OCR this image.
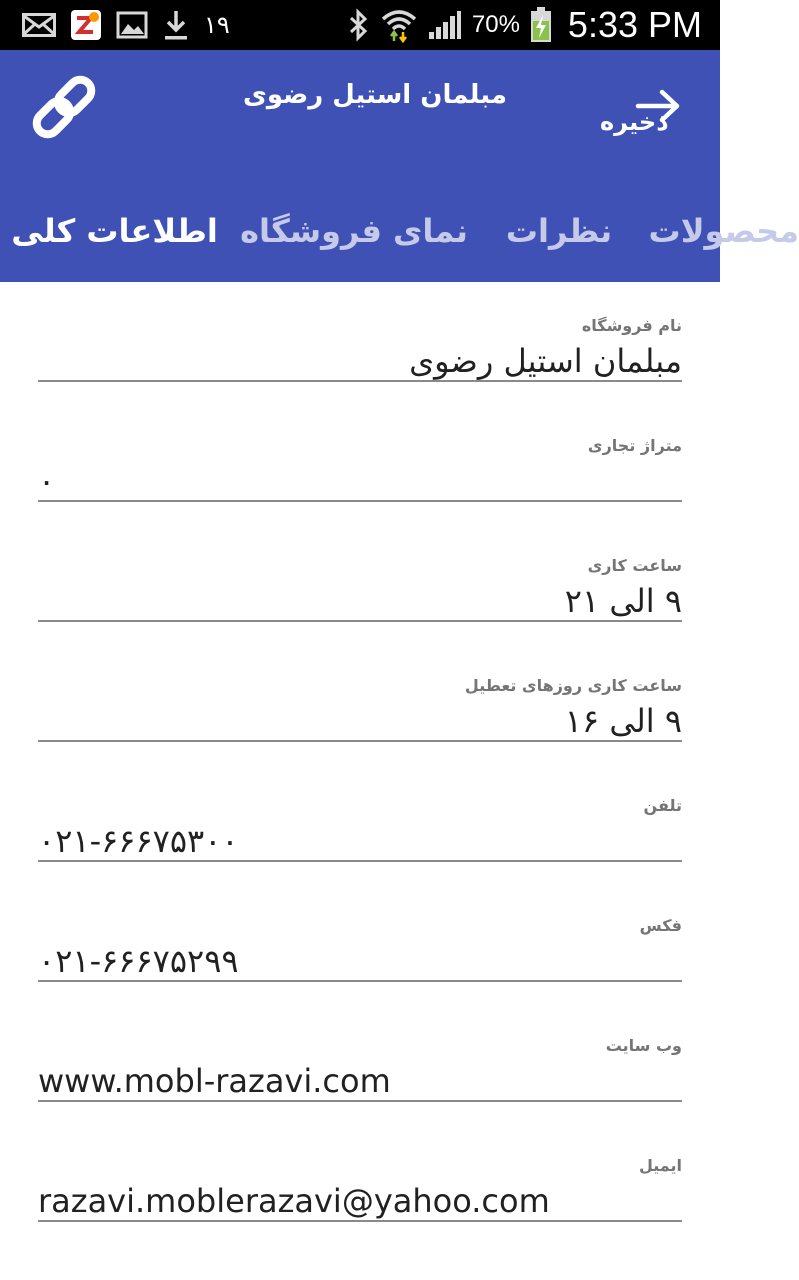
۱۹	70% 5:33 PM
مبلمان استیل رضوی
ذخیره
اطلاعات کلی نمای فروشگاه نظرات محصولات
نام فروشگاه
مبلمان استیل رضوی
متراژ تجاری
۰
ساعت کاری
۹ الی ۲۱
ساعت کاری روزهای تعطیل
۹ الی ۱۶
تلفن
۰۲۱-۶۶۶۷۵۳۰۰
فکس
۰۲۱-۶۶۶۷۵۲۹۹
وب سایت
www.mobl-razavi.com
ایمیل
razavi.moblerazavi@yahoo.com
